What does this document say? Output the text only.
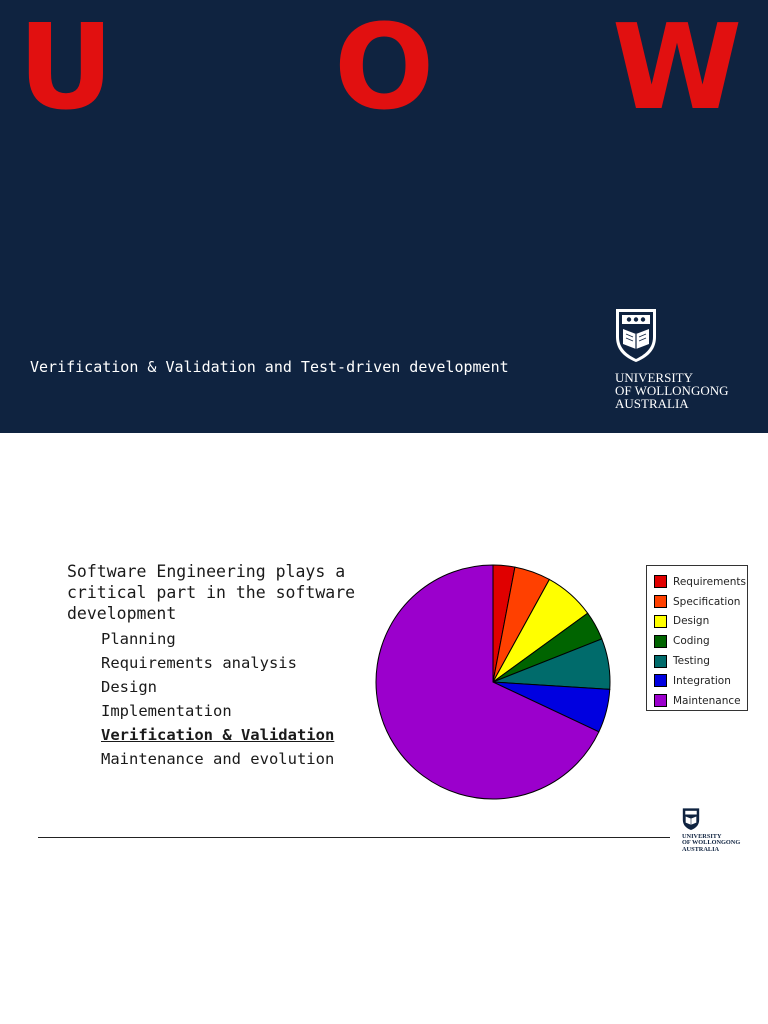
U O W
Verification & Validation and Test-driven development
UNIVERSITY
OF WOLLONGONG
AUSTRALIA
Software Engineering plays a critical part in the software development
Planning
Requirements analysis
Design
Implementation
Verification & Validation
Maintenance and evolution
Requirements
Specification
Design
Coding
Testing
Integration
Maintenance
UNIVERSITY
OF WOLLONGONG
AUSTRALIA
